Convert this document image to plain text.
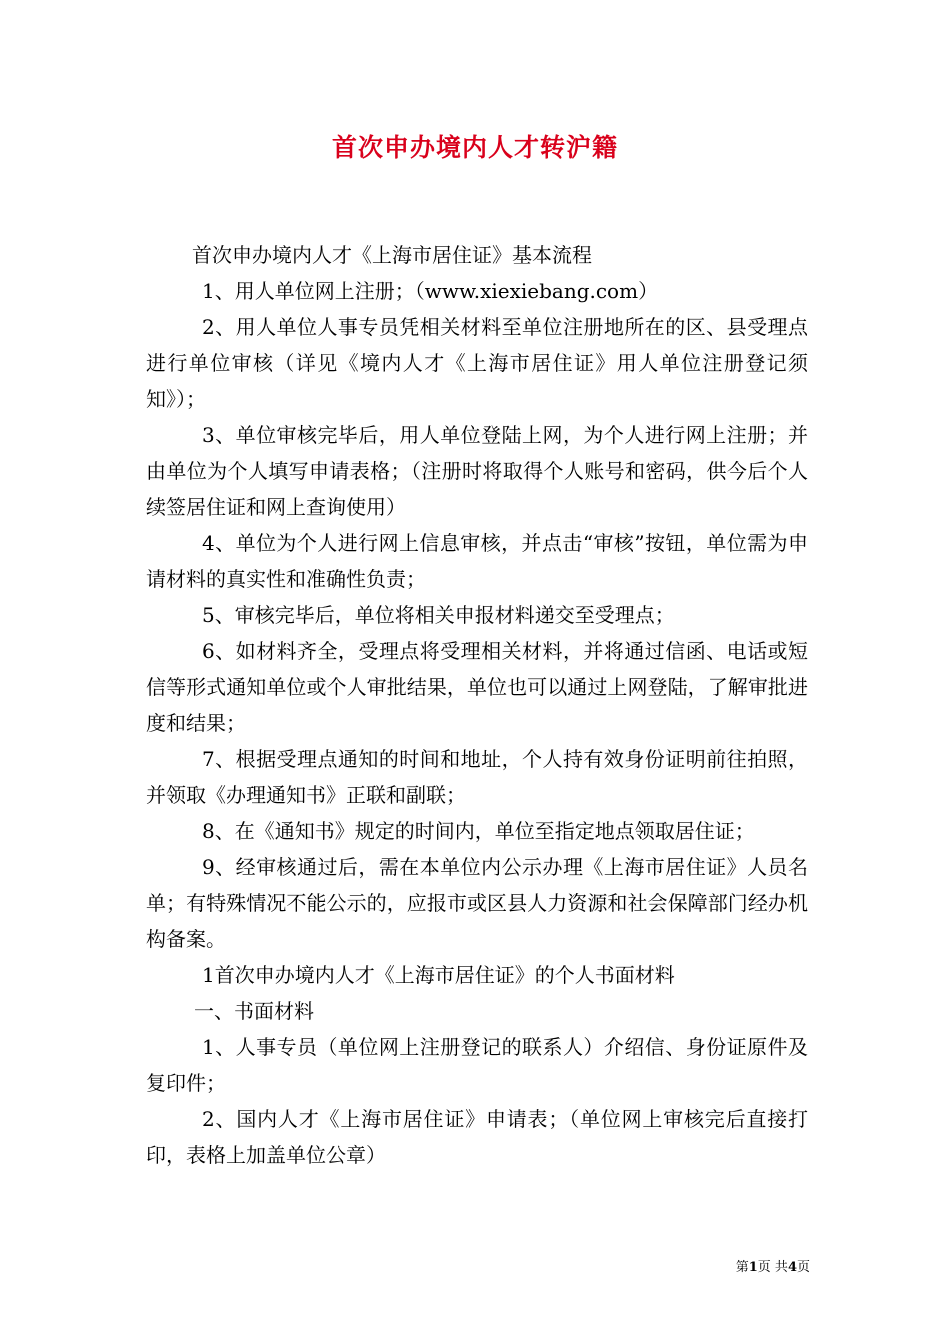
首次申办境内人才转沪籍

首次申办境内人才《上海市居住证》基本流程

1、用人单位网上注册；（www.xiexiebang.com）

2、用人单位人事专员凭相关材料至单位注册地所在的区、县受理点进行单位审核（详见《境内人才《上海市居住证》用人单位注册登记须知》）；

3、单位审核完毕后，用人单位登陆上网，为个人进行网上注册；并由单位为个人填写申请表格；（注册时将取得个人账号和密码，供今后个人续签居住证和网上查询使用）

4、单位为个人进行网上信息审核，并点击“审核”按钮，单位需为申请材料的真实性和准确性负责；

5、审核完毕后，单位将相关申报材料递交至受理点；

6、如材料齐全，受理点将受理相关材料，并将通过信函、电话或短信等形式通知单位或个人审批结果，单位也可以通过上网登陆，了解审批进度和结果；

7、根据受理点通知的时间和地址，个人持有效身份证明前往拍照，并领取《办理通知书》正联和副联；

8、在《通知书》规定的时间内，单位至指定地点领取居住证；

9、经审核通过后，需在本单位内公示办理《上海市居住证》人员名单；有特殊情况不能公示的，应报市或区县人力资源和社会保障部门经办机构备案。

1首次申办境内人才《上海市居住证》的个人书面材料

一、书面材料

1、人事专员（单位网上注册登记的联系人）介绍信、身份证原件及复印件；

2、国内人才《上海市居住证》申请表；（单位网上审核完后直接打印，表格上加盖单位公章）

第1页 共4页
